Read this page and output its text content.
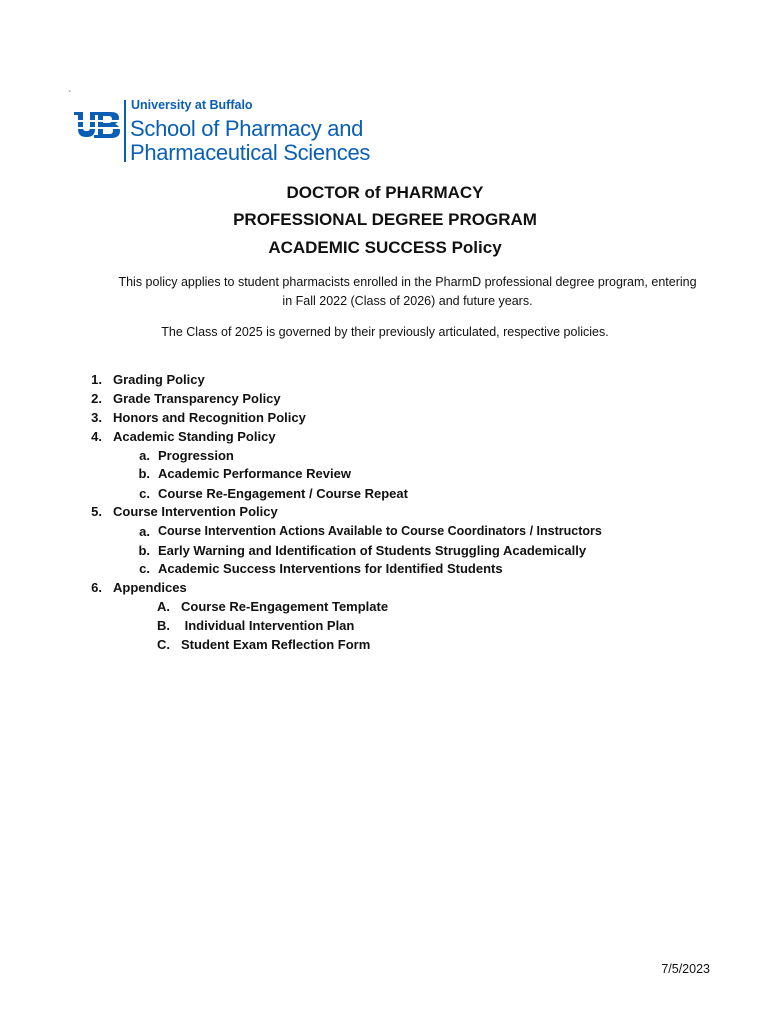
`
University at Buffalo
School of Pharmacy and
Pharmaceutical Sciences
DOCTOR of PHARMACY
PROFESSIONAL DEGREE PROGRAM
ACADEMIC SUCCESS Policy
This policy applies to student pharmacists enrolled in the PharmD professional degree program, entering
in Fall 2022 (Class of 2026) and future years.
The Class of 2025 is governed by their previously articulated, respective policies.
1. Grading Policy
2. Grade Transparency Policy
3. Honors and Recognition Policy
4. Academic Standing Policy
a. Progression
b. Academic Performance Review
c. Course Re-Engagement / Course Repeat
5. Course Intervention Policy
a. Course Intervention Actions Available to Course Coordinators / Instructors
b. Early Warning and Identification of Students Struggling Academically
c. Academic Success Interventions for Identified Students
6. Appendices
A. Course Re-Engagement Template
B. Individual Intervention Plan
C. Student Exam Reflection Form
7/5/2023
